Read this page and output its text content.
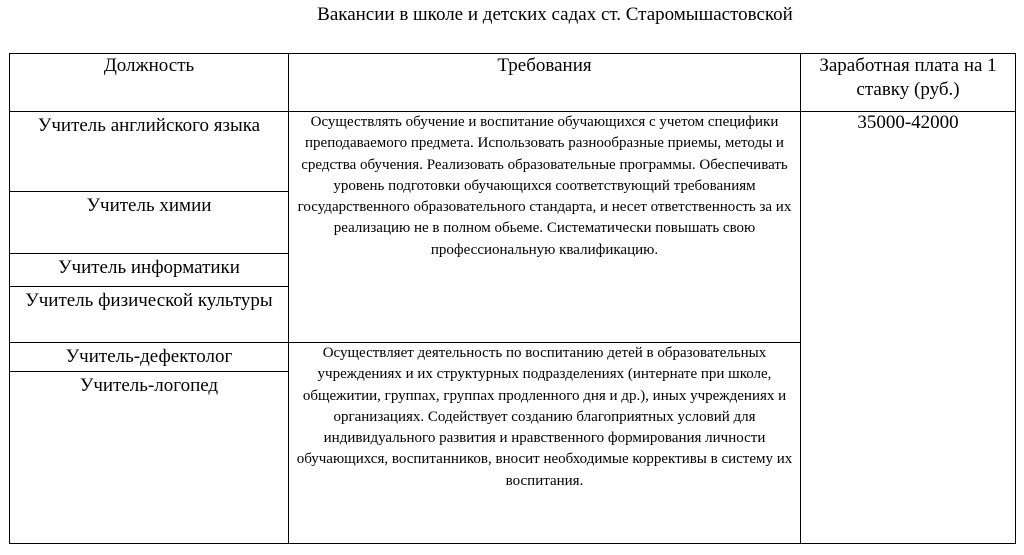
Вакансии в школе и детских садах ст. Старомышастовской
Должность	Требования	Заработная плата на 1 ставку (руб.)
Учитель английского языка	Осуществлять обучение и воспитание обучающихся с учетом специфики преподаваемого предмета. Использовать разнообразные приемы, методы и средства обучения. Реализовать образовательные программы. Обеспечивать уровень подготовки обучающихся соответствующий требованиям государственного образовательного стандарта, и несет ответственность за их реализацию не в полном обьеме. Систематически повышать свою профессиональную квалификацию.	35000-42000
Учитель химии		
Учитель информатики		
Учитель физической культуры		
Учитель-дефектолог	Осуществляет деятельность по воспитанию детей в образовательных учреждениях и их структурных подразделениях (интернате при школе, общежитии, группах, группах продленного дня и др.), иных учреждениях и организациях. Содействует созданию благоприятных условий для индивидуального развития и нравственного формирования личности обучающихся, воспитанников, вносит необходимые коррективы в систему их воспитания.	
Учитель-логопед		
